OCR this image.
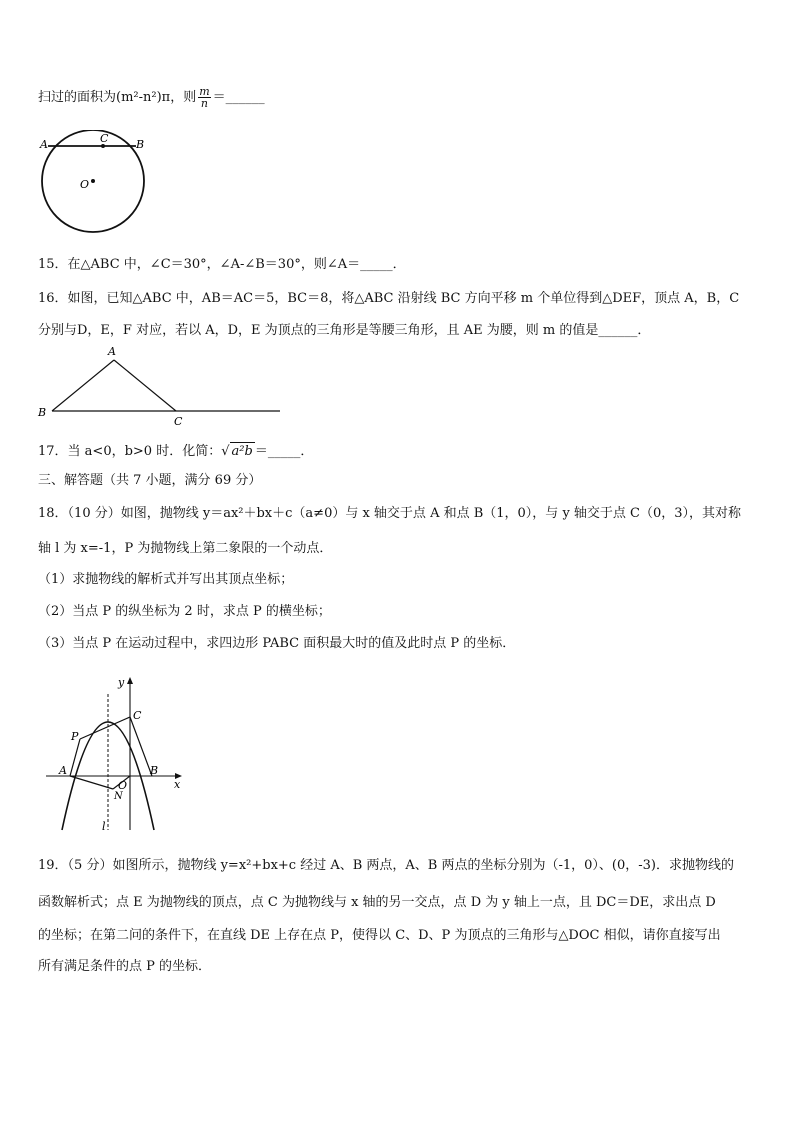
扫过的面积为(m²-n²)π，则 $\frac{m}{n}$ ＝______
A	C	B
O
15．在△ABC 中，∠C＝30°，∠A-∠B＝30°，则∠A＝_____．
16．如图，已知△ABC 中，AB＝AC＝5，BC＝8，将△ABC 沿射线 BC 方向平移 m 个单位得到△DEF，顶点 A，B，C
分别与D，E，F 对应，若以 A，D，E 为顶点的三角形是等腰三角形，且 AE 为腰，则 m 的值是______．
A
B
C
17．当 a<0，b>0 时．化简：√ a²b ＝_____．
三、解答题（共 7 小题，满分 69 分）
18．（10 分）如图，抛物线 y＝ax²＋bx＋c（a≠0）与 x 轴交于点 A 和点 B（1，0），与 y 轴交于点 C（0，3），其对称
轴 l 为 x=-1，P 为抛物线上第二象限的一个动点．
（1）求抛物线的解析式并写出其顶点坐标；
（2）当点 P 的纵坐标为 2 时，求点 P 的横坐标；
（3）当点 P 在运动过程中，求四边形 PABC 面积最大时的值及此时点 P 的坐标．
y
x
C
P
A
O
B
N
l
19．（5 分）如图所示，抛物线 y=x²+bx+c 经过 A、B 两点，A、B 两点的坐标分别为（-1，0）、(0，-3)．求抛物线的
函数解析式；点 E 为抛物线的顶点，点 C 为抛物线与 x 轴的另一交点，点 D 为 y 轴上一点，且 DC＝DE，求出点 D
的坐标；在第二问的条件下，在直线 DE 上存在点 P，使得以 C、D、P 为顶点的三角形与△DOC 相似，请你直接写出
所有满足条件的点 P 的坐标．
